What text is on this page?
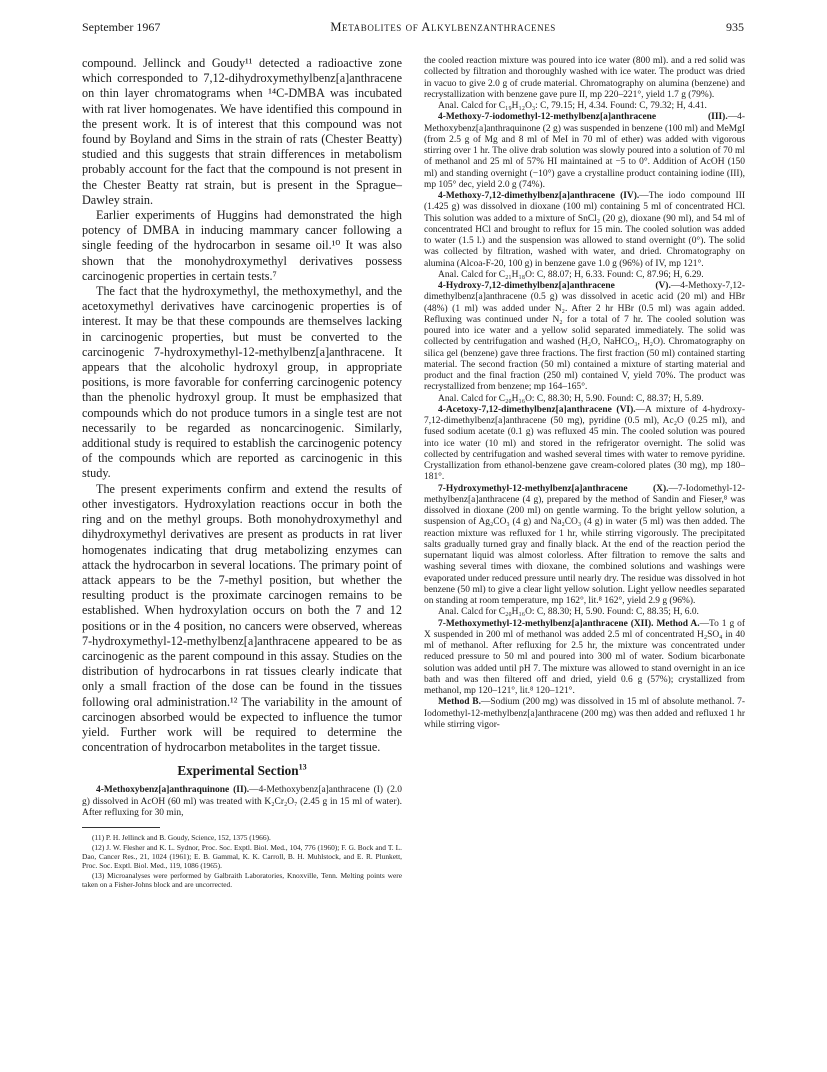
September 1967	Metabolites of Alkylbenzanthracenes	935

compound. Jellinck and Goudy¹¹ detected a radioactive zone which corresponded to 7,12-dihydroxymethylbenz[a]anthracene on thin layer chromatograms when ¹⁴C-DMBA was incubated with rat liver homogenates. We have identified this compound in the present work. It is of interest that this compound was not found by Boyland and Sims in the strain of rats (Chester Beatty) studied and this suggests that strain differences in metabolism probably account for the fact that the compound is not present in the Chester Beatty rat strain, but is present in the Sprague–Dawley strain.

Earlier experiments of Huggins had demonstrated the high potency of DMBA in inducing mammary cancer following a single feeding of the hydrocarbon in sesame oil.¹⁰ It was also shown that the monohydroxymethyl derivatives possess carcinogenic properties in certain tests.⁷

The fact that the hydroxymethyl, the methoxymethyl, and the acetoxymethyl derivatives have carcinogenic properties is of interest. It may be that these compounds are themselves lacking in carcinogenic properties, but must be converted to the carcinogenic 7-hydroxymethyl-12-methylbenz[a]anthracene. It appears that the alcoholic hydroxyl group, in appropriate positions, is more favorable for conferring carcinogenic potency than the phenolic hydroxyl group. It must be emphasized that compounds which do not produce tumors in a single test are not necessarily to be regarded as noncarcinogenic. Similarly, additional study is required to establish the carcinogenic potency of the compounds which are reported as carcinogenic in this study.

The present experiments confirm and extend the results of other investigators. Hydroxylation reactions occur in both the ring and on the methyl groups. Both monohydroxymethyl and dihydroxymethyl derivatives are present as products in rat liver homogenates indicating that drug metabolizing enzymes can attack the hydrocarbon in several locations. The primary point of attack appears to be the 7-methyl position, but whether the resulting product is the proximate carcinogen remains to be established. When hydroxylation occurs on both the 7 and 12 positions or in the 4 position, no cancers were observed, whereas 7-hydroxymethyl-12-methylbenz[a]anthracene appeared to be as carcinogenic as the parent compound in this assay. Studies on the distribution of hydrocarbons in rat tissues clearly indicate that only a small fraction of the dose can be found in the tissues following oral administration.¹² The variability in the amount of carcinogen absorbed would be expected to influence the tumor yield. Further work will be required to determine the concentration of hydrocarbon metabolites in the target tissue.

Experimental Section$^{13}$

4-Methoxybenz[a]anthraquinone (II).—4-Methoxybenz[a]anthracene (I) (2.0 g) dissolved in AcOH (60 ml) was treated with K₂Cr₂O₇ (2.45 g in 15 ml of water). After refluxing for 30 min,

(11) P. H. Jellinck and B. Goudy, Science, 152, 1375 (1966).

(12) J. W. Flesher and K. L. Sydnor, Proc. Soc. Exptl. Biol. Med., 104, 776 (1960); F. G. Bock and T. L. Dao, Cancer Res., 21, 1024 (1961); E. B. Gammal, K. K. Carroll, B. H. Muhlstock, and E. R. Plunkett, Proc. Soc. Exptl. Biol. Med., 119, 1086 (1965).

(13) Microanalyses were performed by Galbraith Laboratories, Knoxville, Tenn. Melting points were taken on a Fisher-Johns block and are uncorrected.

the cooled reaction mixture was poured into ice water (800 ml). and a red solid was collected by filtration and thoroughly washed with ice water. The product was dried in vacuo to give 2.0 g of crude material. Chromatography on alumina (benzene) and recrystallization with benzene gave pure II, mp 220–221°, yield 1.7 g (79%).

Anal. Calcd for C₁₉H₁₂O₃: C, 79.15; H, 4.34. Found: C, 79.32; H, 4.41.

4-Methoxy-7-iodomethyl-12-methylbenz[a]anthracene (III).—4-Methoxybenz[a]anthraquinone (2 g) was suspended in benzene (100 ml) and MeMgI (from 2.5 g of Mg and 8 ml of MeI in 70 ml of ether) was added with vigorous stirring over 1 hr. The olive drab solution was slowly poured into a solution of 70 ml of methanol and 25 ml of 57% HI maintained at −5 to 0°. Addition of AcOH (150 ml) and standing overnight (−10°) gave a crystalline product containing iodine (III), mp 105° dec, yield 2.0 g (74%).

4-Methoxy-7,12-dimethylbenz[a]anthracene (IV).—The iodo compound III (1.425 g) was dissolved in dioxane (100 ml) containing 5 ml of concentrated HCl. This solution was added to a mixture of SnCl₂ (20 g), dioxane (90 ml), and 54 ml of concentrated HCl and brought to reflux for 15 min. The cooled solution was added to water (1.5 l.) and the suspension was allowed to stand overnight (0°). The solid was collected by filtration, washed with water, and dried. Chromatography on alumina (Alcoa-F-20, 100 g) in benzene gave 1.0 g (96%) of IV, mp 121°.

Anal. Calcd for C₂₁H₁₈O: C, 88.07; H, 6.33. Found: C, 87.96; H, 6.29.

4-Hydroxy-7,12-dimethylbenz[a]anthracene (V).—4-Methoxy-7,12-dimethylbenz[a]anthracene (0.5 g) was dissolved in acetic acid (20 ml) and HBr (48%) (1 ml) was added under N₂. After 2 hr HBr (0.5 ml) was again added. Refluxing was continued under N₂ for a total of 7 hr. The cooled solution was poured into ice water and a yellow solid separated immediately. The solid was collected by centrifugation and washed (H₂O, NaHCO₃, H₂O). Chromatography on silica gel (benzene) gave three fractions. The first fraction (50 ml) contained starting material. The second fraction (50 ml) contained a mixture of starting material and product and the final fraction (250 ml) contained V, yield 70%. The product was recrystallized from benzene; mp 164–165°.

Anal. Calcd for C₂₀H₁₆O: C, 88.30; H, 5.90. Found: C, 88.37; H, 5.89.

4-Acetoxy-7,12-dimethylbenz[a]anthracene (VI).—A mixture of 4-hydroxy-7,12-dimethylbenz[a]anthracene (50 mg), pyridine (0.5 ml), Ac₂O (0.25 ml), and fused sodium acetate (0.1 g) was refluxed 45 min. The cooled solution was poured into ice water (10 ml) and stored in the refrigerator overnight. The solid was collected by centrifugation and washed several times with water to remove pyridine. Crystallization from ethanol-benzene gave cream-colored plates (30 mg), mp 180–181°.

7-Hydroxymethyl-12-methylbenz[a]anthracene (X).—7-Iodomethyl-12-methylbenz[a]anthracene (4 g), prepared by the method of Sandin and Fieser,⁸ was dissolved in dioxane (200 ml) on gentle warming. To the bright yellow solution, a suspension of Ag₂CO₃ (4 g) and Na₂CO₃ (4 g) in water (5 ml) was then added. The reaction mixture was refluxed for 1 hr, while stirring vigorously. The precipitated salts gradually turned gray and finally black. At the end of the reaction period the supernatant liquid was almost colorless. After filtration to remove the salts and washing several times with dioxane, the combined solutions and washings were evaporated under reduced pressure until nearly dry. The residue was dissolved in hot benzene (50 ml) to give a clear light yellow solution. Light yellow needles separated on standing at room temperature, mp 162°, lit.⁸ 162°, yield 2.9 g (96%).

Anal. Calcd for C₂₀H₁₆O: C, 88.30; H, 5.90. Found: C, 88.35; H, 6.0.

7-Methoxymethyl-12-methylbenz[a]anthracene (XII). Method A.—To 1 g of X suspended in 200 ml of methanol was added 2.5 ml of concentrated H₂SO₄ in 40 ml of methanol. After refluxing for 2.5 hr, the mixture was concentrated under reduced pressure to 50 ml and poured into 300 ml of water. Sodium bicarbonate solution was added until pH 7. The mixture was allowed to stand overnight in an ice bath and was then filtered off and dried, yield 0.6 g (57%); crystallized from methanol, mp 120–121°, lit.⁸ 120–121°.

Method B.—Sodium (200 mg) was dissolved in 15 ml of absolute methanol. 7-Iodomethyl-12-methylbenz[a]anthracene (200 mg) was then added and refluxed 1 hr while stirring vigor-
